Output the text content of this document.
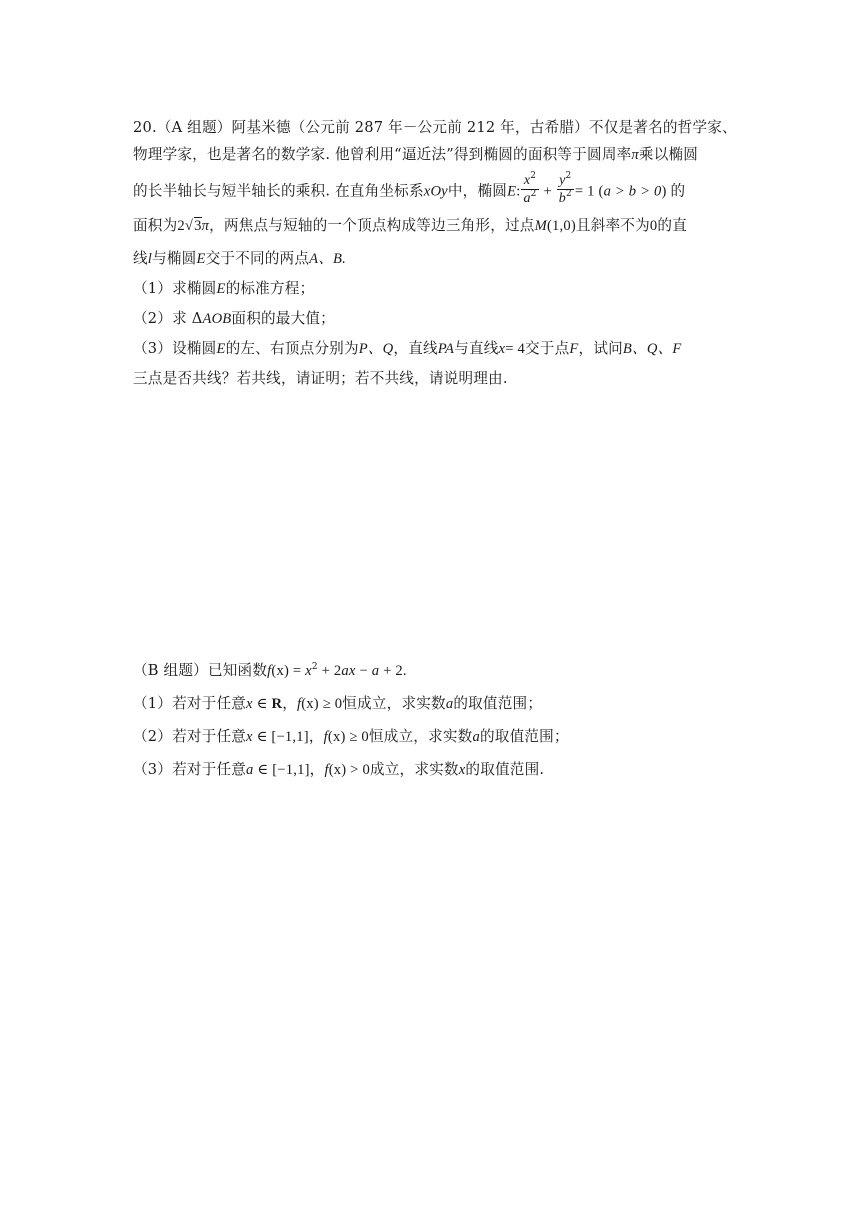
20.（A 组题）阿基米德（公元前 287 年－公元前 212 年，古希腊）不仅是著名的哲学家、
物理学家，也是著名的数学家. 他曾利用“逼近法”得到椭圆的面积等于圆周率π乘以椭圆
的长半轴长与短半轴长的乘积. 在直角坐标系xOy中，椭圆E: $\frac{x^2}{a^2} + \frac{y^2}{b^2} = 1$ (a > b > 0) 的
面积为2√3π，两焦点与短轴的一个顶点构成等边三角形，过点M(1,0)且斜率不为0的直
线l与椭圆E交于不同的两点A、B.
（1）求椭圆E的标准方程；
（2）求 ΔAOB面积的最大值；
（3）设椭圆E的左、右顶点分别为P、Q，直线PA与直线x= 4交于点F，试问B、Q、F
三点是否共线？若共线，请证明；若不共线，请说明理由.
（B 组题）已知函数$f(x) = x^2 + 2ax - a + 2$.
（1）若对于任意x ∈ R，f(x) ≥ 0恒成立，求实数a的取值范围；
（2）若对于任意x ∈ [−1,1]，f(x) ≥ 0恒成立，求实数a的取值范围；
（3）若对于任意a ∈ [−1,1]，f(x) > 0成立，求实数x的取值范围.
